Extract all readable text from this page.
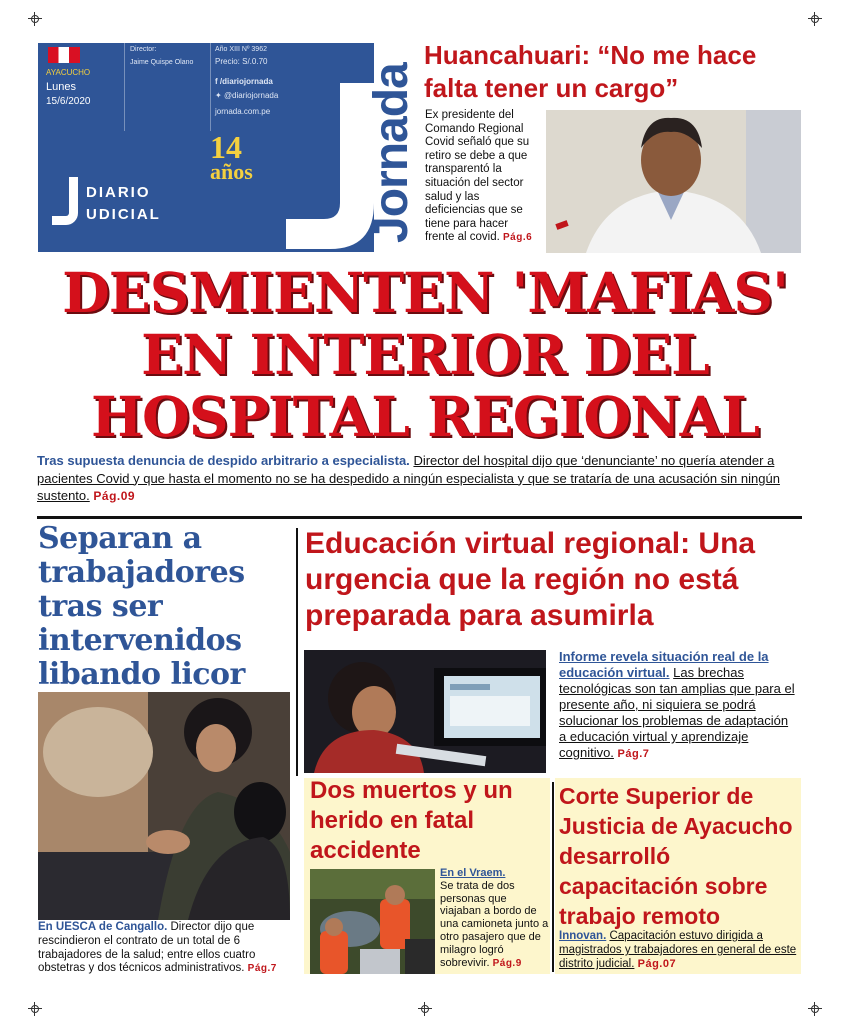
AYACUCHO
Lunes
15/6/2020
Director:
Jaime Quispe Olano
Año XIII Nº 3962
Precio: S/.0.70
f /diariojornada
✦ @diariojornada
jornada.com.pe
14
años
DIARIO
UDICIAL	Jornada
Huancahuari: “No me hace falta tener un cargo”
Ex presidente del Comando Regional Covid señaló que su retiro se debe a que transparentó la situación del sector salud y las deficiencias que se tiene para hacer frente al covid. Pág.6
DESMIENTEN 'MAFIAS'
EN INTERIOR DEL
HOSPITAL REGIONAL
Tras supuesta denuncia de despido arbitrario a especialista. Director del hospital dijo que ‘denunciante’ no quería atender a pacientes Covid y que hasta el momento no se ha despedido a ningún especialista y que se trataría de una acusación sin ningún sustento. Pág.09
Separan a trabajadores tras ser intervenidos libando licor
En UESCA de Cangallo. Director dijo que rescindieron el contrato de un total de 6 trabajadores de la salud; entre ellos cuatro obstetras y dos técnicos administrativos. Pág.7
Educación virtual regional: Una urgencia que la región no está preparada para asumirla
Informe revela situación real de la educación virtual. Las brechas tecnológicas son tan amplias que para el presente año, ni siquiera se podrá solucionar los problemas de adaptación a educación virtual y aprendizaje cognitivo. Pág.7
Dos muertos y un herido en fatal accidente
En el Vraem.
Se trata de dos personas que viajaban a bordo de una camioneta junto a otro pasajero que de milagro logró sobrevivir. Pág.9
Corte Superior de Justicia de Ayacucho desarrolló capacitación sobre trabajo remoto
Innovan. Capacitación estuvo dirigida a magistrados y trabajadores en general de este distrito judicial. Pág.07
